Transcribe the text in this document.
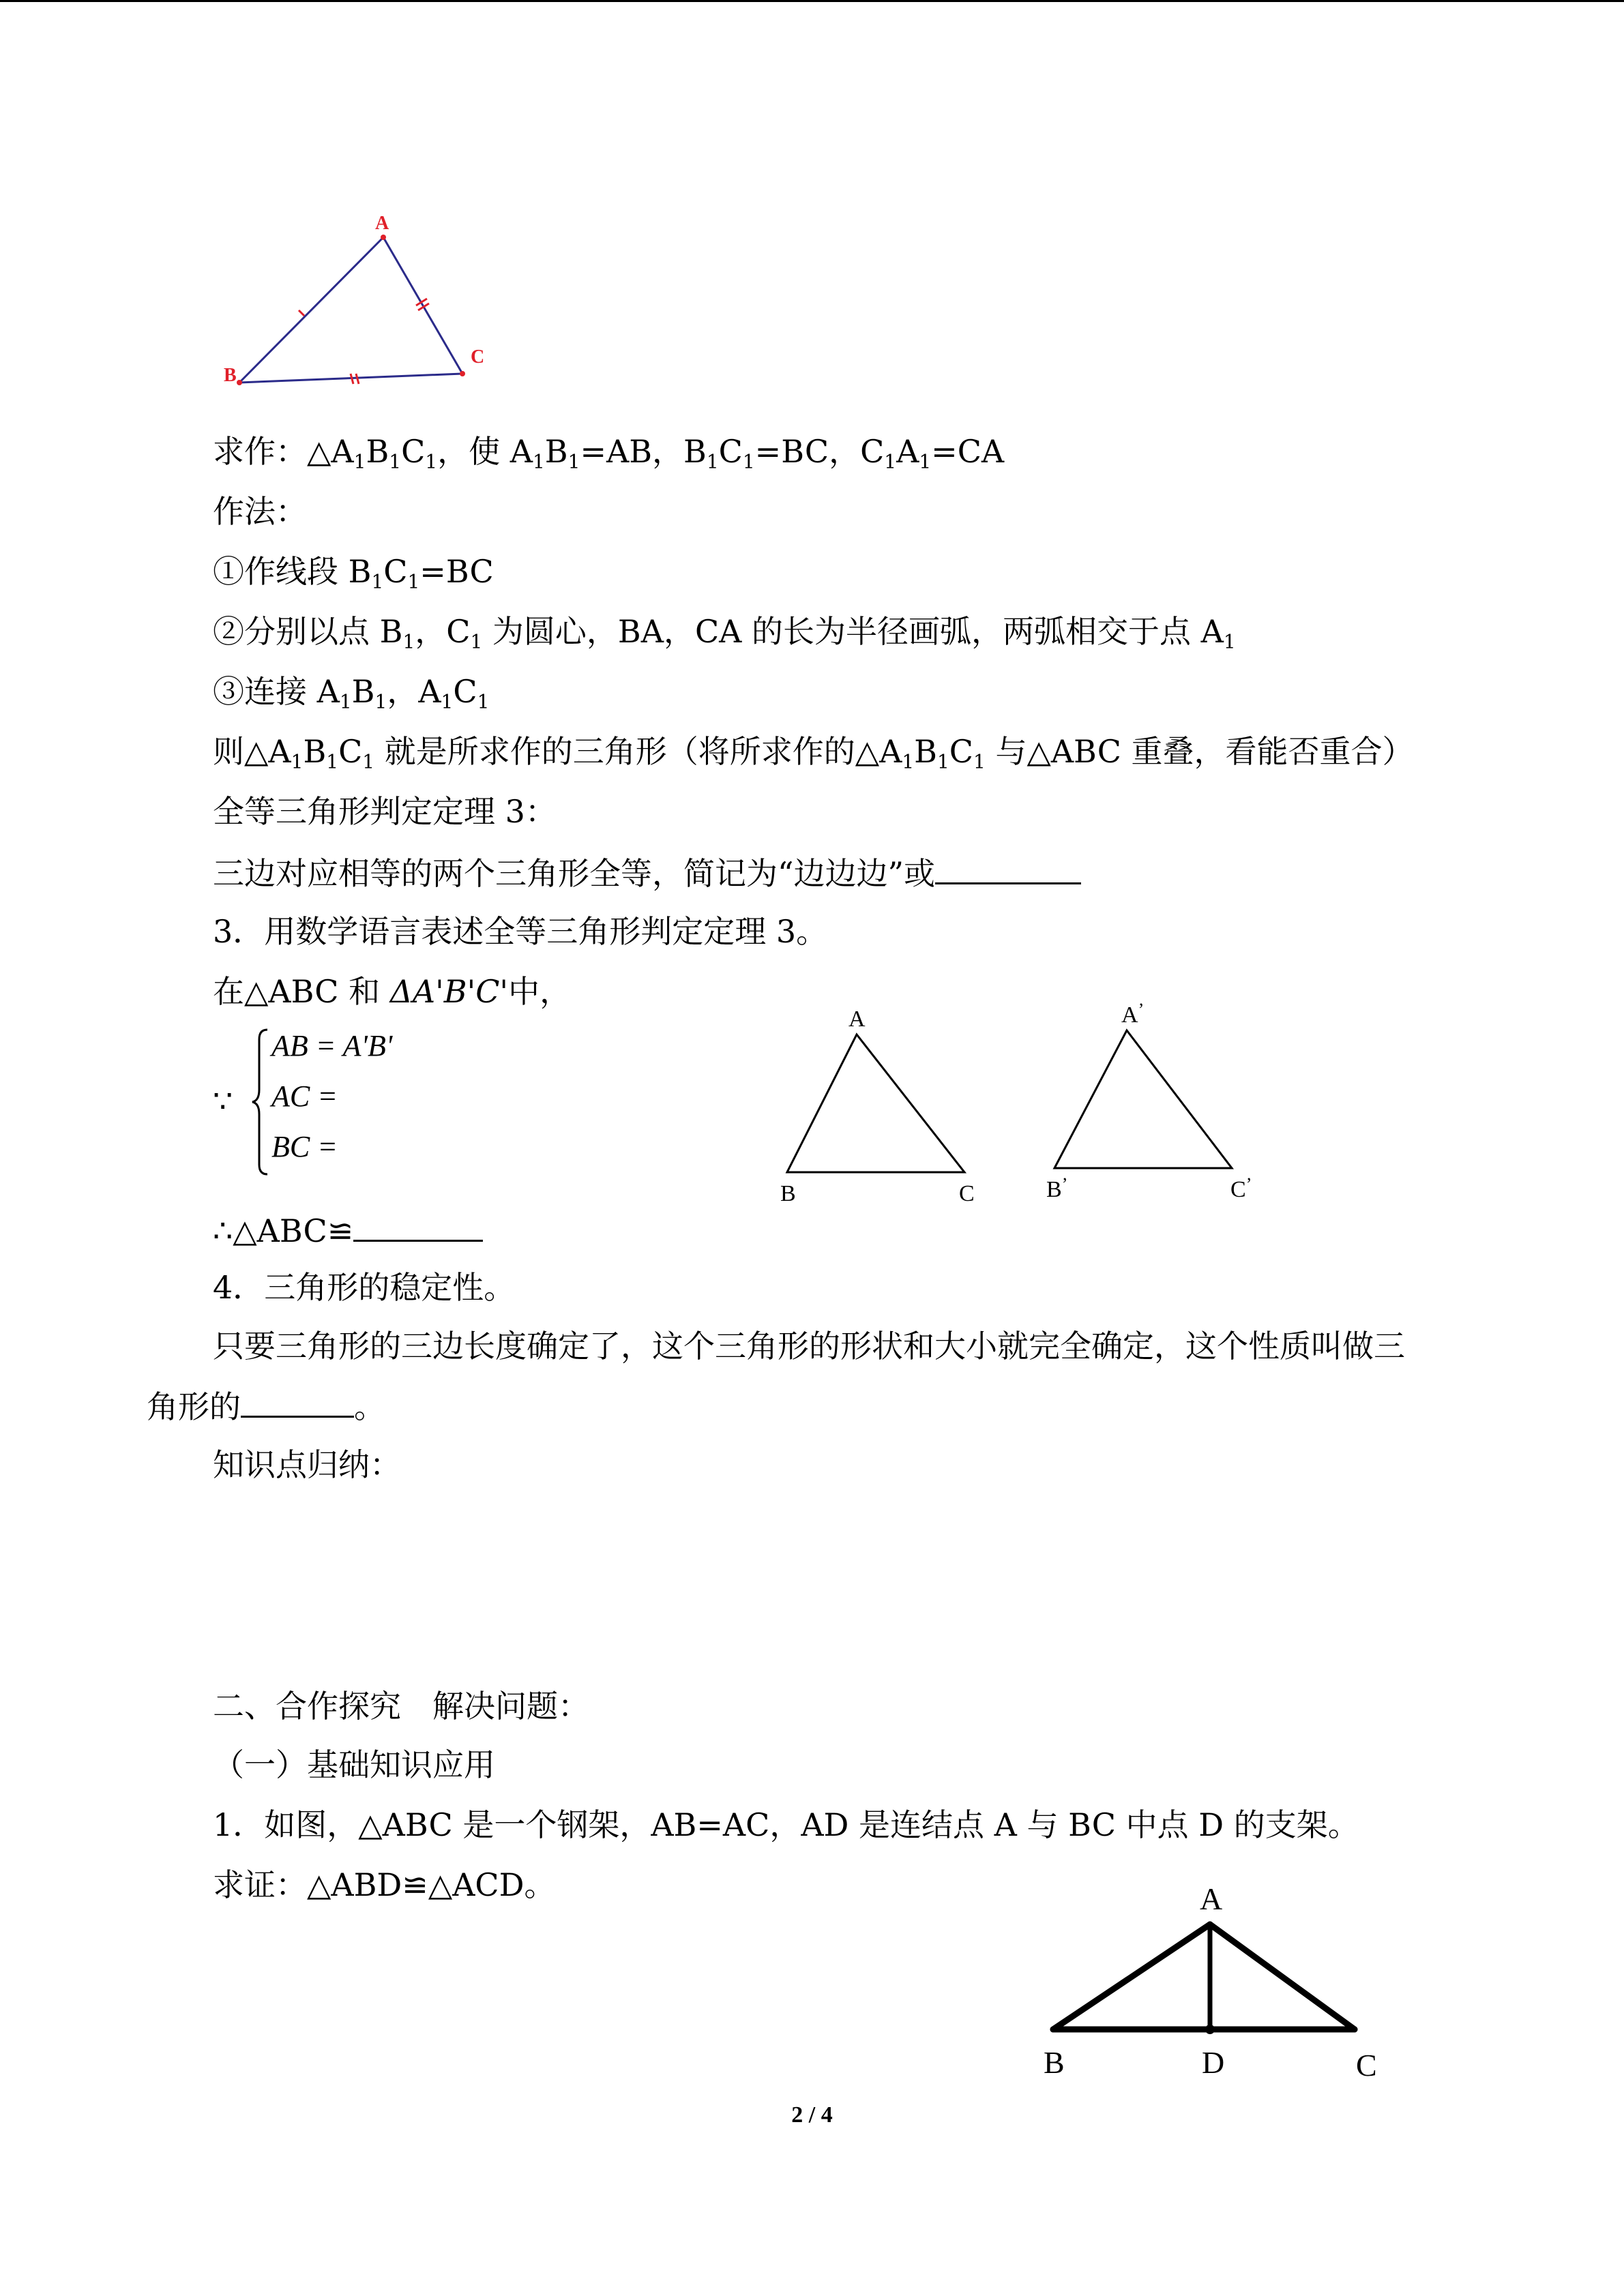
A
B
C
求作：$\triangle A_1B_1C_1$，使 $A_1B_1=AB$，$B_1C_1=BC$，$C_1A_1=CA$
作法：
①作线段 $B_1C_1=BC$
②分别以点 $B_1$，$C_1$ 为圆心，BA，CA 的长为半径画弧，两弧相交于点 $A_1$
③连接 $A_1B_1$，$A_1C_1$
则$\triangle A_1B_1C_1$ 就是所求作的三角形（将所求作的$\triangle A_1B_1C_1$ 与△ABC 重叠，看能否重合）
全等三角形判定定理 3：
三边对应相等的两个三角形全等，简记为“边边边”或
3．用数学语言表述全等三角形判定定理 3。
在△ABC 和 ΔA'B'C'中，
∵
AB = A'B'
AC =
BC =
A
B	C
A’
B’	C’
∴△ABC≌
4．三角形的稳定性。
只要三角形的三边长度确定了，这个三角形的形状和大小就完全确定，这个性质叫做三
角形的	。
知识点归纳：
二、合作探究　解决问题：
（一）基础知识应用
1．如图，△ABC 是一个钢架，AB=AC，AD 是连结点 A 与 BC 中点 D 的支架。
求证：△ABD≌△ACD。	A
B	D	C
2 / 4
